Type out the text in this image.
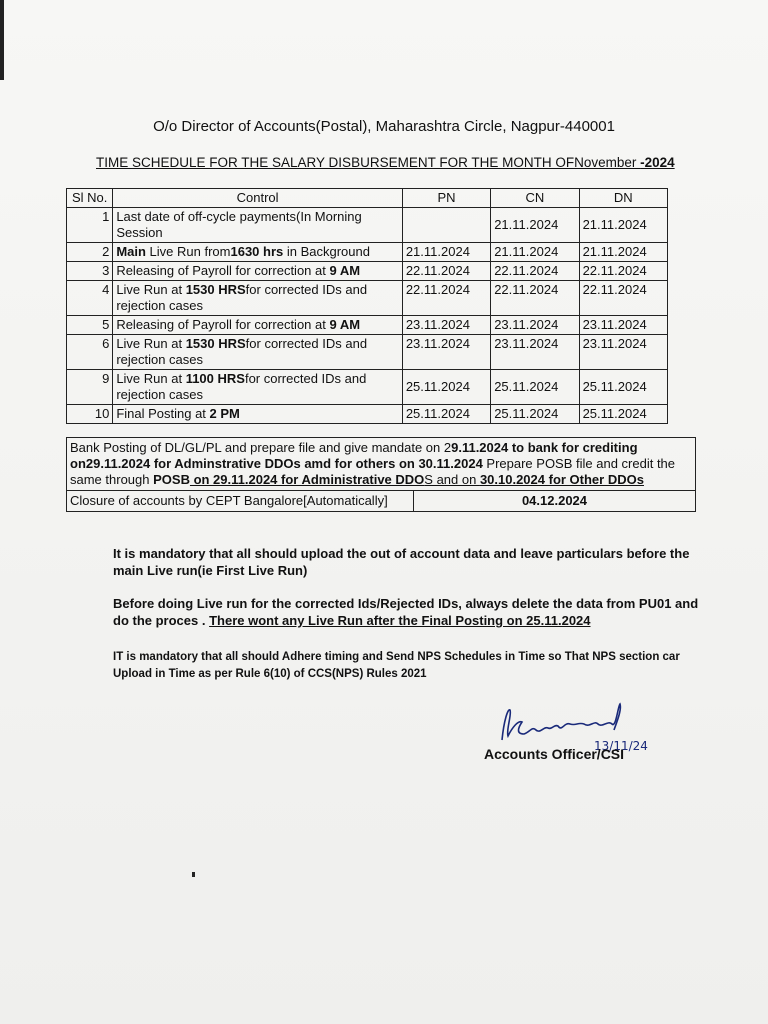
O/o Director of Accounts(Postal), Maharashtra Circle, Nagpur-440001
TIME SCHEDULE FOR THE SALARY DISBURSEMENT FOR THE MONTH OFNovember -2024
Sl No.	Control	PN	CN	DN
1	Last date of off-cycle payments(In Morning Session		21.11.2024	21.11.2024
2	Main Live Run from1630 hrs in Background	21.11.2024	21.11.2024	21.11.2024
3	Releasing of Payroll for correction at 9 AM	22.11.2024	22.11.2024	22.11.2024
4	Live Run at 1530 HRSfor corrected IDs and rejection cases	22.11.2024	22.11.2024	22.11.2024
5	Releasing of Payroll for correction at 9 AM	23.11.2024	23.11.2024	23.11.2024
6	Live Run at 1530 HRSfor corrected IDs and rejection cases	23.11.2024	23.11.2024	23.11.2024
9	Live Run at 1100 HRSfor corrected IDs and rejection cases	25.11.2024	25.11.2024	25.11.2024
10	Final Posting at 2 PM	25.11.2024	25.11.2024	25.11.2024
Bank Posting of DL/GL/PL and prepare file and give mandate on 29.11.2024 to bank for crediting on29.11.2024 for Adminstrative DDOs amd for others on 30.11.2024 Prepare POSB file and credit the same through POSB on 29.11.2024 for Administrative DDOS and on 30.10.2024 for Other DDOs
Closure of accounts by CEPT Bangalore[Automatically]	04.12.2024
It is mandatory that all should upload the out of account data and leave particulars before the main Live run(ie First Live Run)
Before doing Live run for the corrected Ids/Rejected IDs, always delete the data from PU01 and do the proces . There wont any Live Run after the Final Posting on 25.11.2024
IT is mandatory that all should Adhere timing and Send NPS Schedules in Time so That NPS section car Upload in Time as per Rule 6(10) of CCS(NPS) Rules 2021
13/11/24
Accounts Officer/CSI
